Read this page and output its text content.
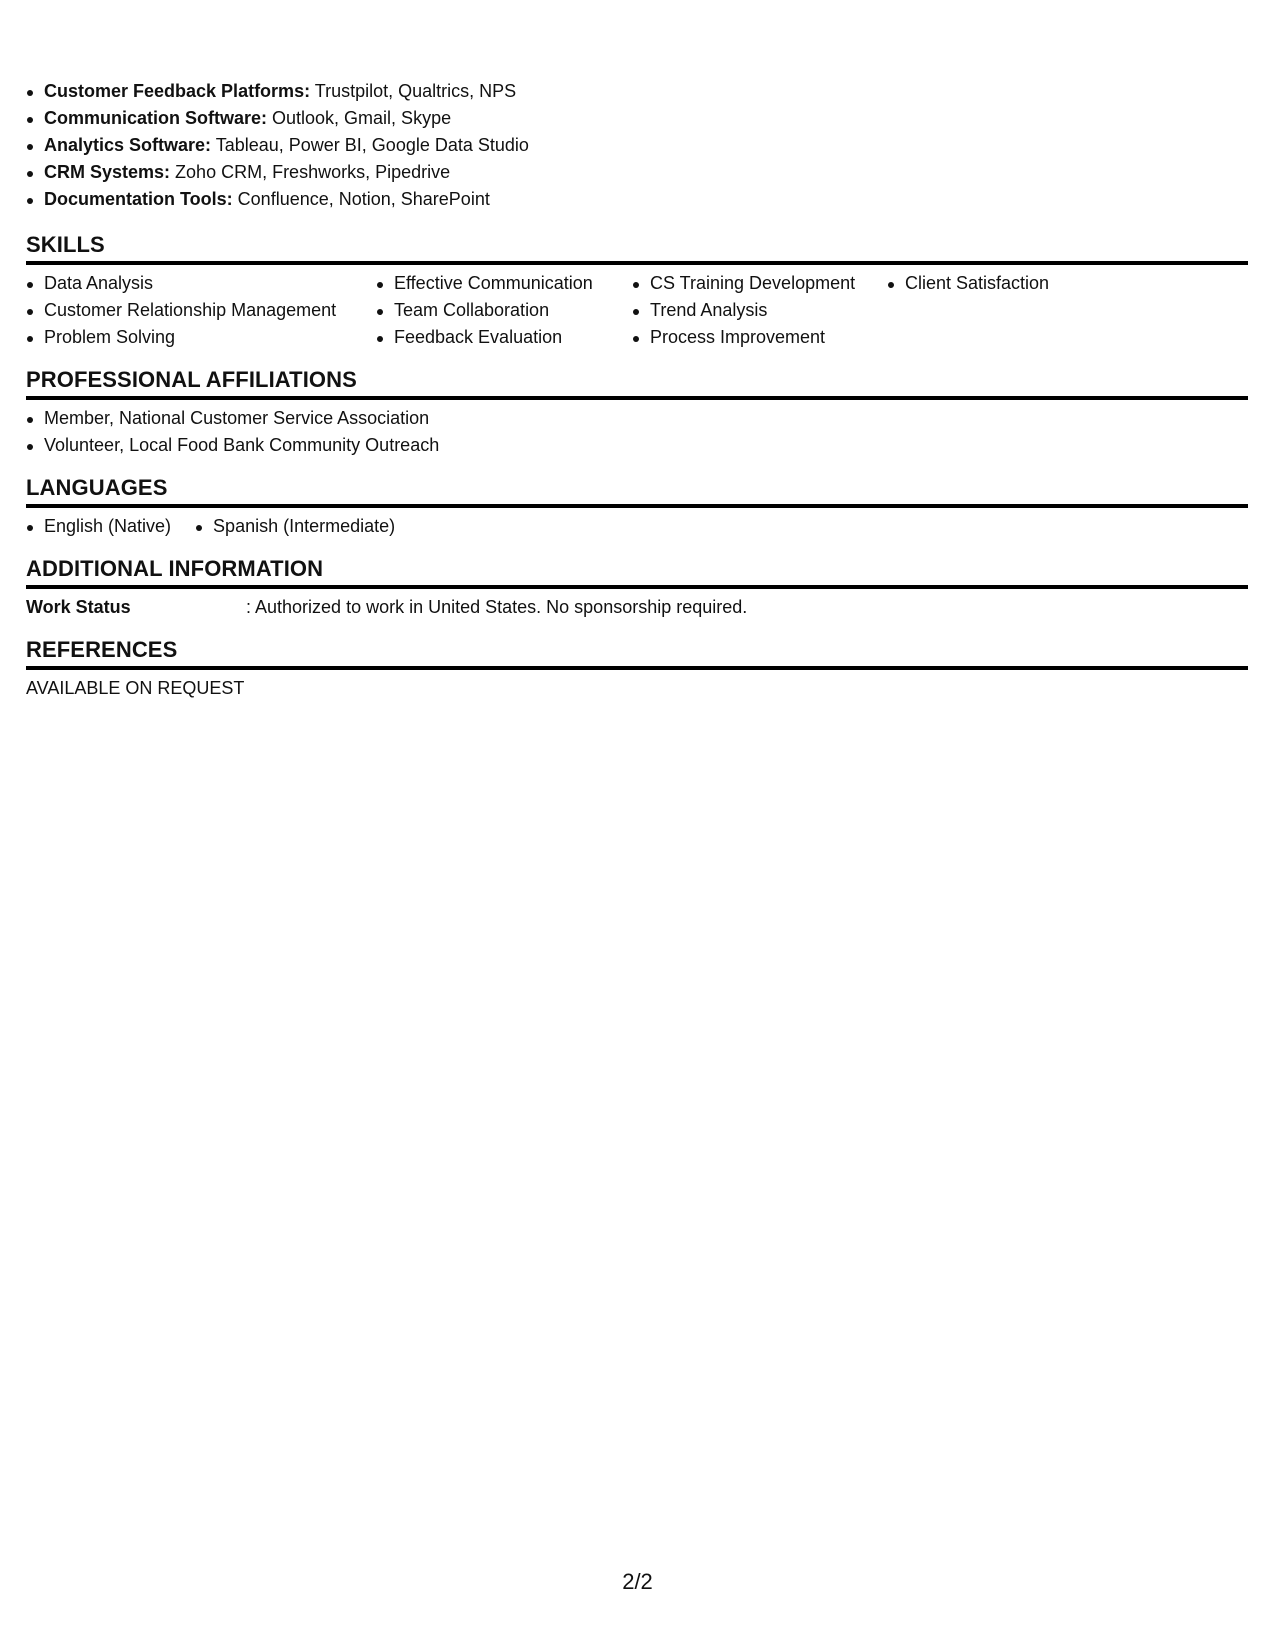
Customer Feedback Platforms: Trustpilot, Qualtrics, NPS
Communication Software: Outlook, Gmail, Skype
Analytics Software: Tableau, Power BI, Google Data Studio
CRM Systems: Zoho CRM, Freshworks, Pipedrive
Documentation Tools: Confluence, Notion, SharePoint
SKILLS
Data Analysis
Customer Relationship Management
Problem Solving
Effective Communication
Team Collaboration
Feedback Evaluation
CS Training Development
Trend Analysis
Process Improvement
Client Satisfaction
PROFESSIONAL AFFILIATIONS
Member, National Customer Service Association
Volunteer, Local Food Bank Community Outreach
LANGUAGES
English (Native)	Spanish (Intermediate)
ADDITIONAL INFORMATION
Work Status	: Authorized to work in United States. No sponsorship required.
REFERENCES
AVAILABLE ON REQUEST
2/2
